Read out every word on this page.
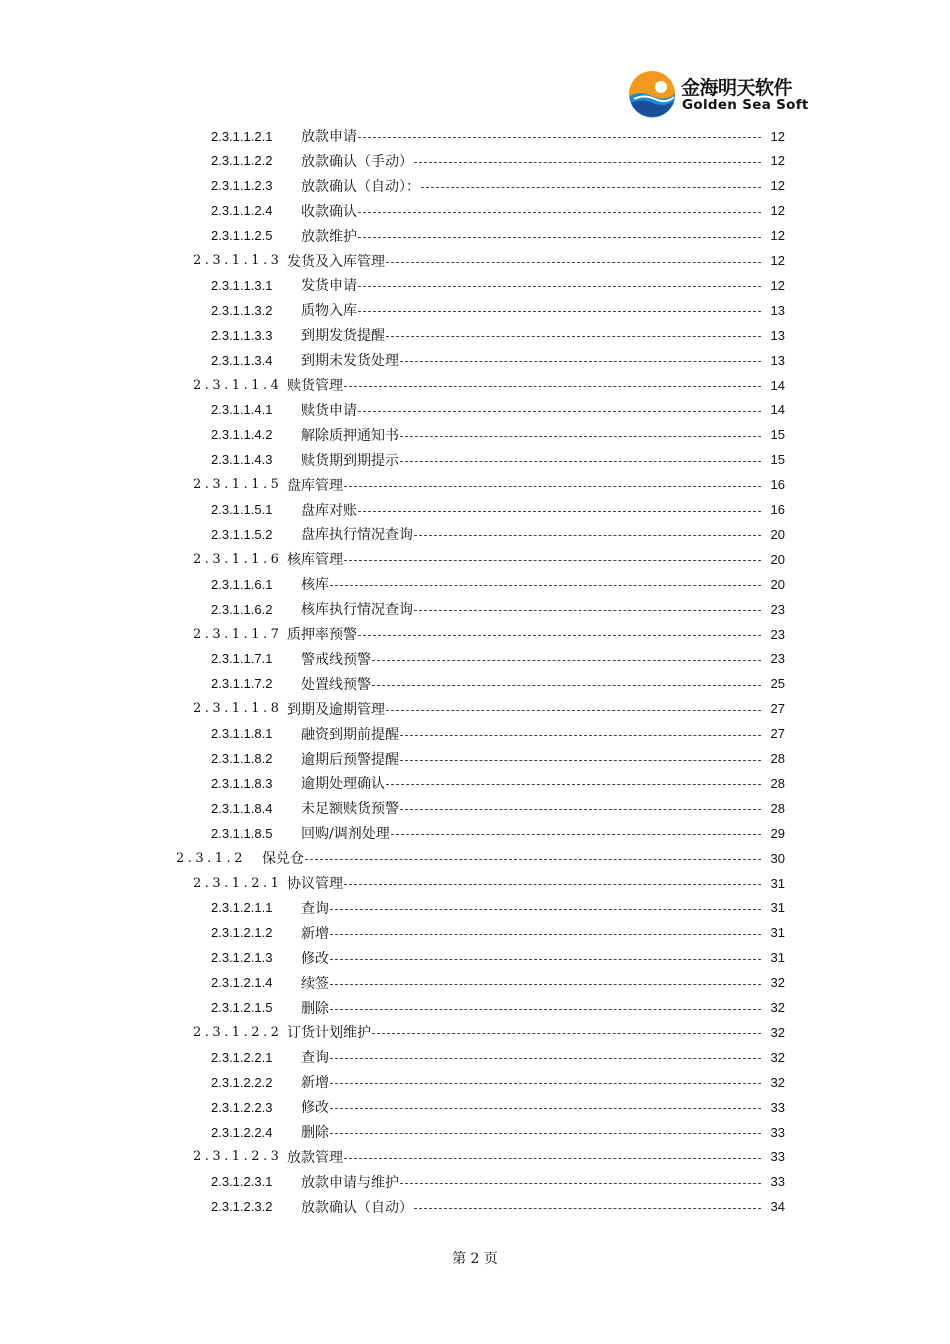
金海明天软件
Golden Sea Soft
2.3.1.1.2.1	放款申请	12
2.3.1.1.2.2	放款确认（手动）	12
2.3.1.1.2.3	放款确认（自动）：	12
2.3.1.1.2.4	收款确认	12
2.3.1.1.2.5	放款维护	12
2.3.1.1.3 发货及入库管理	12
2.3.1.1.3.1	发货申请	12
2.3.1.1.3.2	质物入库	13
2.3.1.1.3.3	到期发货提醒	13
2.3.1.1.3.4	到期未发货处理	13
2.3.1.1.4 赎货管理	14
2.3.1.1.4.1	赎货申请	14
2.3.1.1.4.2	解除质押通知书	15
2.3.1.1.4.3	赎货期到期提示	15
2.3.1.1.5 盘库管理	16
2.3.1.1.5.1	盘库对账	16
2.3.1.1.5.2	盘库执行情况查询	20
2.3.1.1.6 核库管理	20
2.3.1.1.6.1	核库	20
2.3.1.1.6.2	核库执行情况查询	23
2.3.1.1.7 质押率预警	23
2.3.1.1.7.1	警戒线预警	23
2.3.1.1.7.2	处置线预警	25
2.3.1.1.8 到期及逾期管理	27
2.3.1.1.8.1	融资到期前提醒	27
2.3.1.1.8.2	逾期后预警提醒	28
2.3.1.1.8.3	逾期处理确认	28
2.3.1.1.8.4	未足额赎货预警	28
2.3.1.1.8.5	回购/调剂处理	29
2.3.1.2	保兑仓	30
2.3.1.2.1 协议管理	31
2.3.1.2.1.1	查询	31
2.3.1.2.1.2	新增	31
2.3.1.2.1.3	修改	31
2.3.1.2.1.4	续签	32
2.3.1.2.1.5	删除	32
2.3.1.2.2 订货计划维护	32
2.3.1.2.2.1	查询	32
2.3.1.2.2.2	新增	32
2.3.1.2.2.3	修改	33
2.3.1.2.2.4	删除	33
2.3.1.2.3 放款管理	33
2.3.1.2.3.1	放款申请与维护	33
2.3.1.2.3.2	放款确认（自动）	34
第 2 页
